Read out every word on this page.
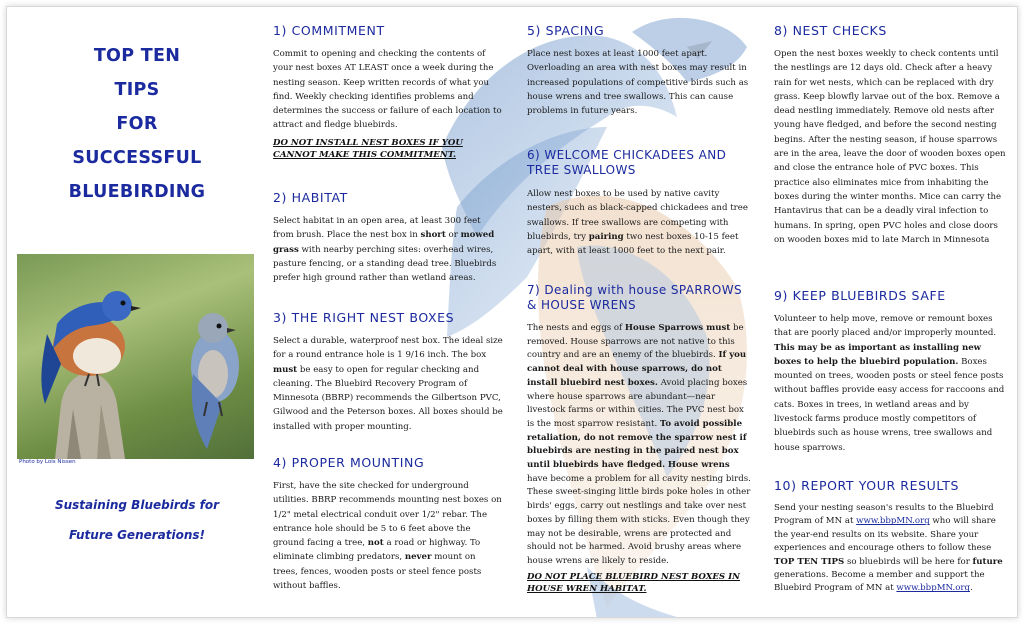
TOP TEN
TIPS
FOR
SUCCESSFUL
BLUEBIRDING
Photo by Lois Nissen
Sustaining Bluebirds for
Future Generations!
1) COMMITMENT
Commit to opening and checking the contents of your nest boxes AT LEAST once a week during the nesting season. Keep written records of what you find. Weekly checking identifies problems and determines the success or failure of each location to attract and fledge bluebirds.
DO NOT INSTALL NEST BOXES IF YOU CANNOT MAKE THIS COMMITMENT.
2) HABITAT
Select habitat in an open area, at least 300 feet from brush. Place the nest box in short or mowed grass with nearby perching sites: overhead wires, pasture fencing, or a standing dead tree. Bluebirds prefer high ground rather than wetland areas.
3) THE RIGHT NEST BOXES
Select a durable, waterproof nest box. The ideal size for a round entrance hole is 1 9/16 inch. The box must be easy to open for regular checking and cleaning. The Bluebird Recovery Program of Minnesota (BBRP) recommends the Gilbertson PVC, Gilwood and the Peterson boxes. All boxes should be installed with proper mounting.
4) PROPER MOUNTING
First, have the site checked for underground utilities. BBRP recommends mounting nest boxes on 1/2" metal electrical conduit over 1/2" rebar. The entrance hole should be 5 to 6 feet above the ground facing a tree, not a road or highway. To eliminate climbing predators, never mount on trees, fences, wooden posts or steel fence posts without baffles.
5) SPACING
Place nest boxes at least 1000 feet apart. Overloading an area with nest boxes may result in increased populations of competitive birds such as house wrens and tree swallows. This can cause problems in future years.
6) WELCOME CHICKADEES AND TREE SWALLOWS
Allow nest boxes to be used by native cavity nesters, such as black-capped chickadees and tree swallows. If tree swallows are competing with bluebirds, try pairing two nest boxes 10-15 feet apart, with at least 1000 feet to the next pair.
7) Dealing with house SPARROWS & HOUSE WRENS
The nests and eggs of House Sparrows must be removed. House sparrows are not native to this country and are an enemy of the bluebirds. If you cannot deal with house sparrows, do not install bluebird nest boxes. Avoid placing boxes where house sparrows are abundant—near livestock farms or within cities. The PVC nest box is the most sparrow resistant. To avoid possible retaliation, do not remove the sparrow nest if bluebirds are nesting in the paired nest box until bluebirds have fledged. House wrens have become a problem for all cavity nesting birds. These sweet-singing little birds poke holes in other birds' eggs, carry out nestlings and take over nest boxes by filling them with sticks. Even though they may not be desirable, wrens are protected and should not be harmed. Avoid brushy areas where house wrens are likely to reside.
DO NOT PLACE BLUEBIRD NEST BOXES IN HOUSE WREN HABITAT.
8) NEST CHECKS
Open the nest boxes weekly to check contents until the nestlings are 12 days old. Check after a heavy rain for wet nests, which can be replaced with dry grass. Keep blowfly larvae out of the box. Remove a dead nestling immediately. Remove old nests after young have fledged, and before the second nesting begins. After the nesting season, if house sparrows are in the area, leave the door of wooden boxes open and close the entrance hole of PVC boxes. This practice also eliminates mice from inhabiting the boxes during the winter months. Mice can carry the Hantavirus that can be a deadly viral infection to humans. In spring, open PVC holes and close doors on wooden boxes mid to late March in Minnesota
9) KEEP BLUEBIRDS SAFE
Volunteer to help move, remove or remount boxes that are poorly placed and/or improperly mounted. This may be as important as installing new boxes to help the bluebird population. Boxes mounted on trees, wooden posts or steel fence posts without baffles provide easy access for raccoons and cats. Boxes in trees, in wetland areas and by livestock farms produce mostly competitors of bluebirds such as house wrens, tree swallows and house sparrows.
10) REPORT YOUR RESULTS
Send your nesting season's results to the Bluebird Program of MN at www.bbpMN.org who will share the year-end results on its website. Share your experiences and encourage others to follow these TOP TEN TIPS so bluebirds will be here for future generations. Become a member and support the Bluebird Program of MN at www.bbpMN.org.
